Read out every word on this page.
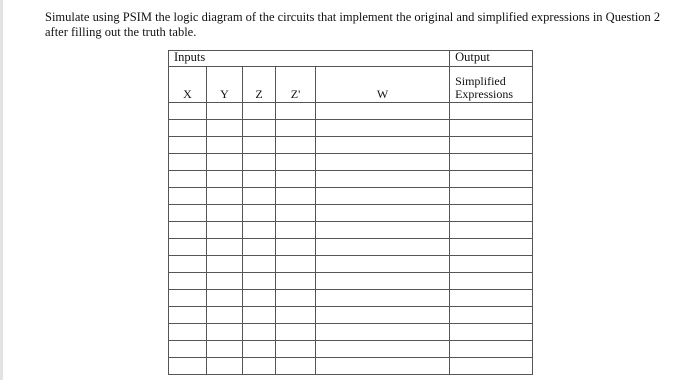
Simulate using PSIM the logic diagram of the circuits that implement the original and simplified expressions in Question 2 after filling out the truth table.

Inputs					Output
X	Y	Z	Z'	W	Simplified
Expressions
